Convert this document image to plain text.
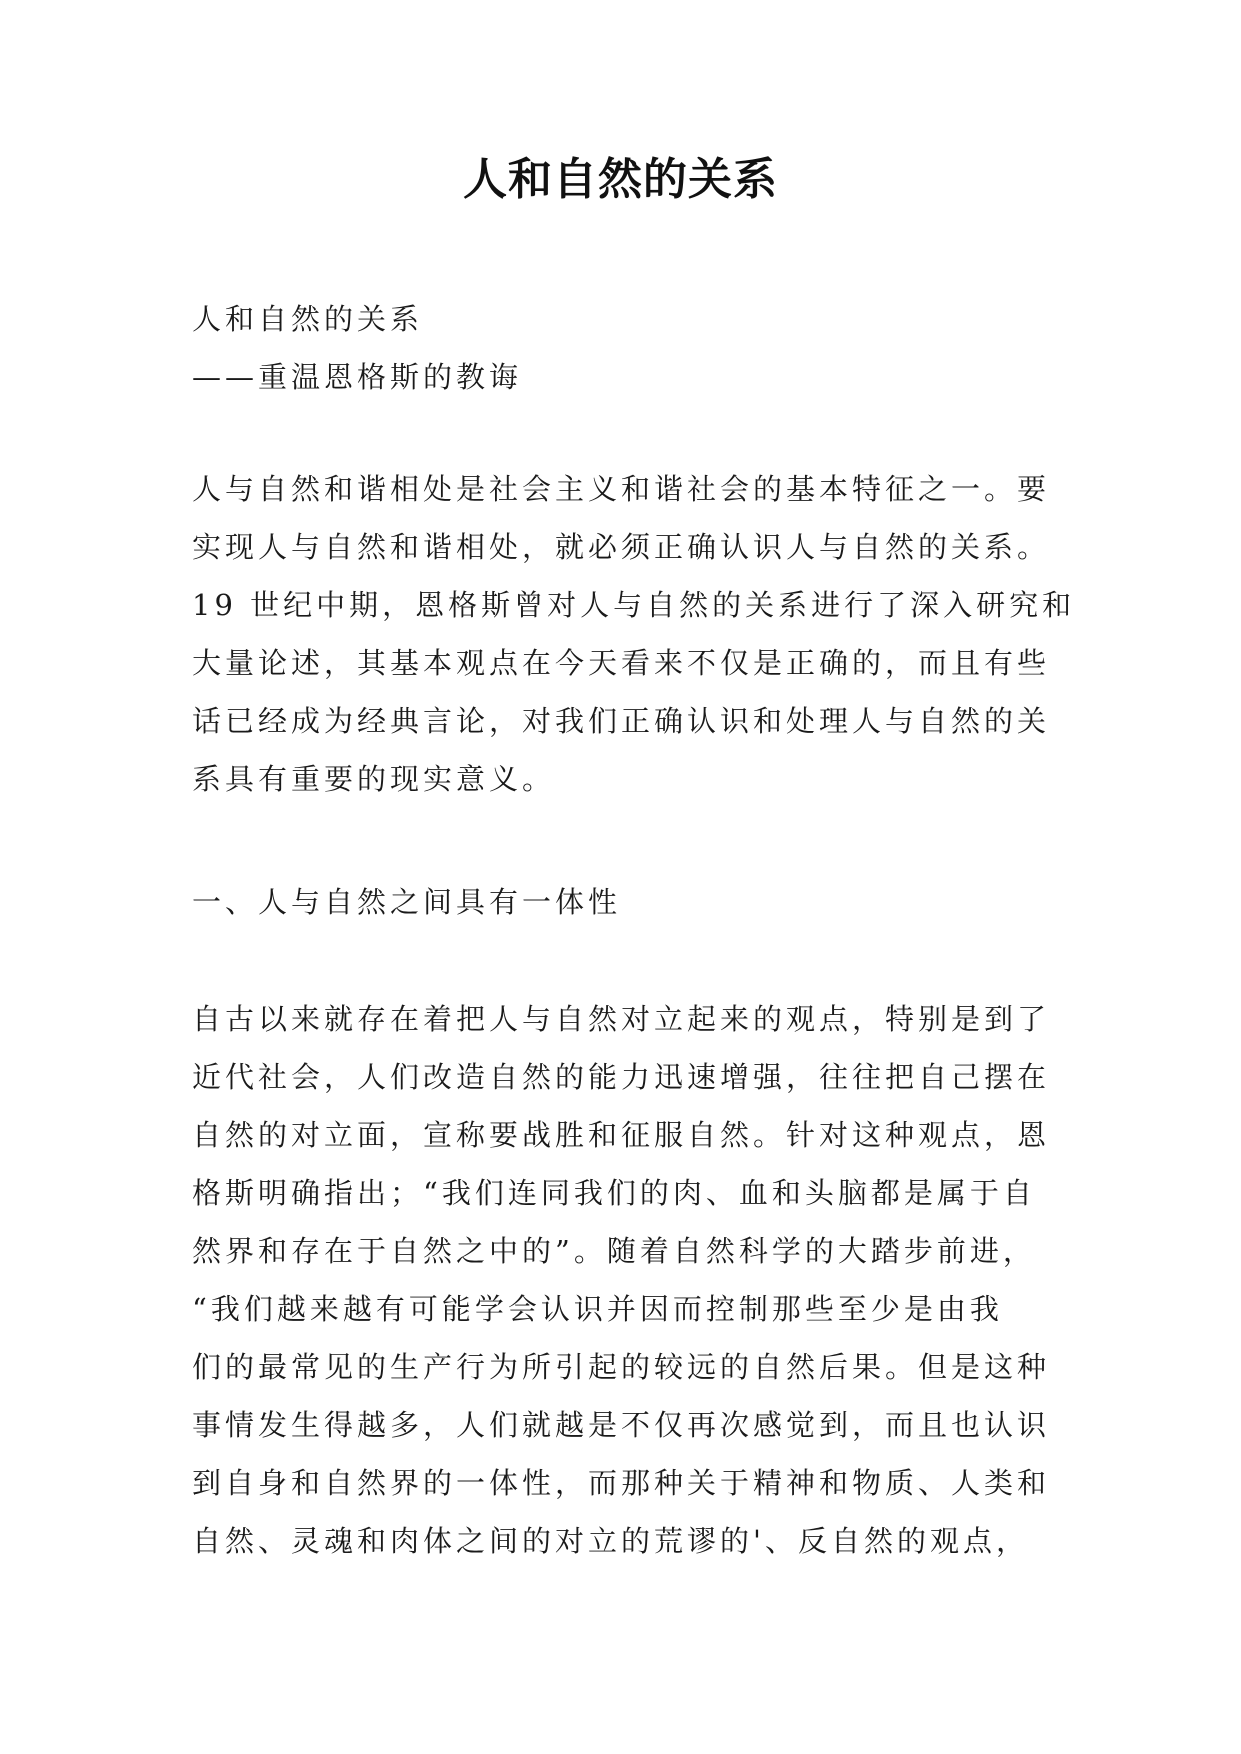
人和自然的关系
人和自然的关系
——重温恩格斯的教诲
人与自然和谐相处是社会主义和谐社会的基本特征之一。要
实现人与自然和谐相处，就必须正确认识人与自然的关系。
19 世纪中期，恩格斯曾对人与自然的关系进行了深入研究和
大量论述，其基本观点在今天看来不仅是正确的，而且有些
话已经成为经典言论，对我们正确认识和处理人与自然的关
系具有重要的现实意义。
一、人与自然之间具有一体性
自古以来就存在着把人与自然对立起来的观点，特别是到了
近代社会，人们改造自然的能力迅速增强，往往把自己摆在
自然的对立面，宣称要战胜和征服自然。针对这种观点，恩
格斯明确指出；“我们连同我们的肉、血和头脑都是属于自
然界和存在于自然之中的”。随着自然科学的大踏步前进，
“我们越来越有可能学会认识并因而控制那些至少是由我
们的最常见的生产行为所引起的较远的自然后果。但是这种
事情发生得越多，人们就越是不仅再次感觉到，而且也认识
到自身和自然界的一体性，而那种关于精神和物质、人类和
自然、灵魂和肉体之间的对立的荒谬的'、反自然的观点，
